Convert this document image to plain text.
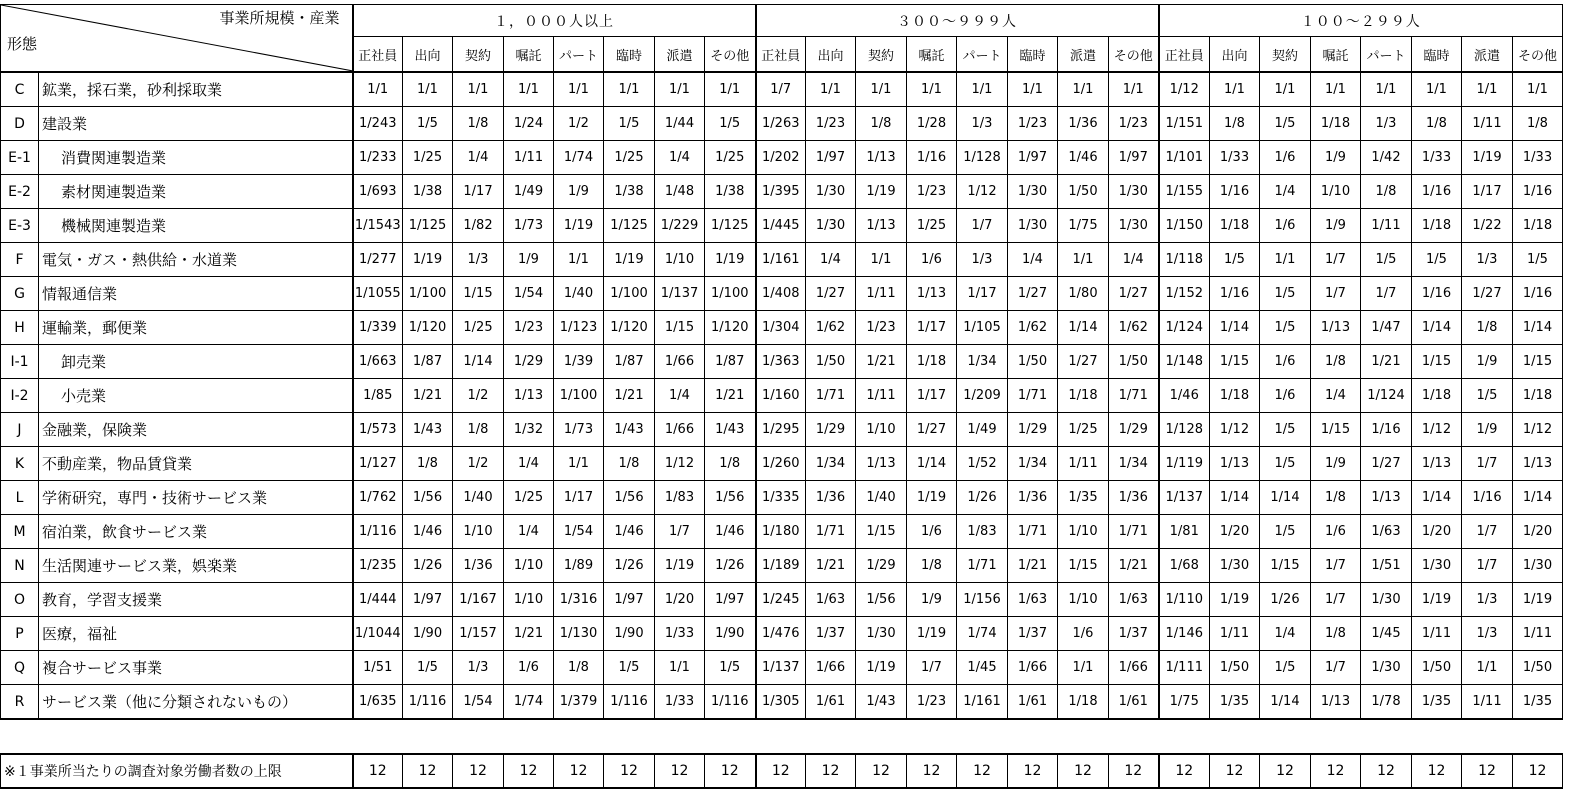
事業所規模・産業
形態		１，０００人以上								３００～９９９人								１００～２９９人							
		正社員	出向	契約	嘱託	パート	臨時	派遣	その他	正社員	出向	契約	嘱託	パート	臨時	派遣	その他	正社員	出向	契約	嘱託	パート	臨時	派遣	その他
C	鉱業，採石業，砂利採取業	1/1	1/1	1/1	1/1	1/1	1/1	1/1	1/1	1/7	1/1	1/1	1/1	1/1	1/1	1/1	1/1	1/12	1/1	1/1	1/1	1/1	1/1	1/1	1/1
D	建設業	1/243	1/5	1/8	1/24	1/2	1/5	1/44	1/5	1/263	1/23	1/8	1/28	1/3	1/23	1/36	1/23	1/151	1/8	1/5	1/18	1/3	1/8	1/11	1/8
E-1	消費関連製造業	1/233	1/25	1/4	1/11	1/74	1/25	1/4	1/25	1/202	1/97	1/13	1/16	1/128	1/97	1/46	1/97	1/101	1/33	1/6	1/9	1/42	1/33	1/19	1/33
E-2	素材関連製造業	1/693	1/38	1/17	1/49	1/9	1/38	1/48	1/38	1/395	1/30	1/19	1/23	1/12	1/30	1/50	1/30	1/155	1/16	1/4	1/10	1/8	1/16	1/17	1/16
E-3	機械関連製造業	1/1543	1/125	1/82	1/73	1/19	1/125	1/229	1/125	1/445	1/30	1/13	1/25	1/7	1/30	1/75	1/30	1/150	1/18	1/6	1/9	1/11	1/18	1/22	1/18
F	電気・ガス・熱供給・水道業	1/277	1/19	1/3	1/9	1/1	1/19	1/10	1/19	1/161	1/4	1/1	1/6	1/3	1/4	1/1	1/4	1/118	1/5	1/1	1/7	1/5	1/5	1/3	1/5
G	情報通信業	1/1055	1/100	1/15	1/54	1/40	1/100	1/137	1/100	1/408	1/27	1/11	1/13	1/17	1/27	1/80	1/27	1/152	1/16	1/5	1/7	1/7	1/16	1/27	1/16
H	運輸業，郵便業	1/339	1/120	1/25	1/23	1/123	1/120	1/15	1/120	1/304	1/62	1/23	1/17	1/105	1/62	1/14	1/62	1/124	1/14	1/5	1/13	1/47	1/14	1/8	1/14
I-1	卸売業	1/663	1/87	1/14	1/29	1/39	1/87	1/66	1/87	1/363	1/50	1/21	1/18	1/34	1/50	1/27	1/50	1/148	1/15	1/6	1/8	1/21	1/15	1/9	1/15
I-2	小売業	1/85	1/21	1/2	1/13	1/100	1/21	1/4	1/21	1/160	1/71	1/11	1/17	1/209	1/71	1/18	1/71	1/46	1/18	1/6	1/4	1/124	1/18	1/5	1/18
J	金融業，保険業	1/573	1/43	1/8	1/32	1/73	1/43	1/66	1/43	1/295	1/29	1/10	1/27	1/49	1/29	1/25	1/29	1/128	1/12	1/5	1/15	1/16	1/12	1/9	1/12
K	不動産業，物品賃貸業	1/127	1/8	1/2	1/4	1/1	1/8	1/12	1/8	1/260	1/34	1/13	1/14	1/52	1/34	1/11	1/34	1/119	1/13	1/5	1/9	1/27	1/13	1/7	1/13
L	学術研究，専門・技術サービス業	1/762	1/56	1/40	1/25	1/17	1/56	1/83	1/56	1/335	1/36	1/40	1/19	1/26	1/36	1/35	1/36	1/137	1/14	1/14	1/8	1/13	1/14	1/16	1/14
M	宿泊業，飲食サービス業	1/116	1/46	1/10	1/4	1/54	1/46	1/7	1/46	1/180	1/71	1/15	1/6	1/83	1/71	1/10	1/71	1/81	1/20	1/5	1/6	1/63	1/20	1/7	1/20
N	生活関連サービス業，娯楽業	1/235	1/26	1/36	1/10	1/89	1/26	1/19	1/26	1/189	1/21	1/29	1/8	1/71	1/21	1/15	1/21	1/68	1/30	1/15	1/7	1/51	1/30	1/7	1/30
O	教育，学習支援業	1/444	1/97	1/167	1/10	1/316	1/97	1/20	1/97	1/245	1/63	1/56	1/9	1/156	1/63	1/10	1/63	1/110	1/19	1/26	1/7	1/30	1/19	1/3	1/19
P	医療，福祉	1/1044	1/90	1/157	1/21	1/130	1/90	1/33	1/90	1/476	1/37	1/30	1/19	1/74	1/37	1/6	1/37	1/146	1/11	1/4	1/8	1/45	1/11	1/3	1/11
Q	複合サービス事業	1/51	1/5	1/3	1/6	1/8	1/5	1/1	1/5	1/137	1/66	1/19	1/7	1/45	1/66	1/1	1/66	1/111	1/50	1/5	1/7	1/30	1/50	1/1	1/50
R	サービス業（他に分類されないもの）	1/635	1/116	1/54	1/74	1/379	1/116	1/33	1/116	1/305	1/61	1/43	1/23	1/161	1/61	1/18	1/61	1/75	1/35	1/14	1/13	1/78	1/35	1/11	1/35
※１事業所当たりの調査対象労働者数の上限	12	12	12	12	12	12	12	12	12	12	12	12	12	12	12	12	12	12	12	12	12	12	12	12
